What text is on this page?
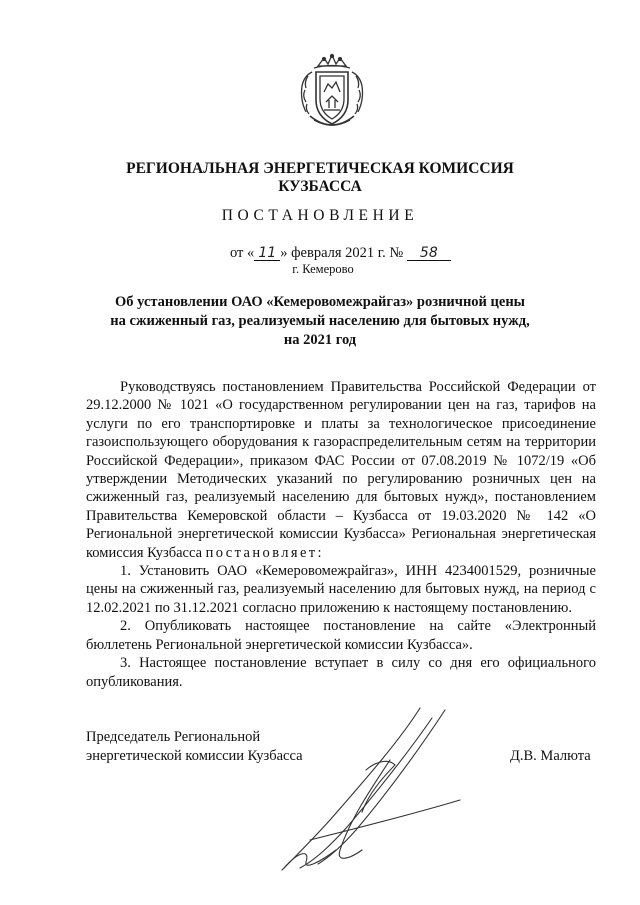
РЕГИОНАЛЬНАЯ ЭНЕРГЕТИЧЕСКАЯ КОМИССИЯ
КУЗБАССА
ПОСТАНОВЛЕНИЕ
от « 11 » февраля 2021 г. № 58
г. Кемерово
Об установлении ОАО «Кемеровомежрайгаз» розничной цены
на сжиженный газ, реализуемый населению для бытовых нужд,
на 2021 год

Руководствуясь постановлением Правительства Российской Федерации от 29.12.2000 № 1021 «О государственном регулировании цен на газ, тарифов на услуги по его транспортировке и платы за технологическое присоединение газоиспользующего оборудования к газораспределительным сетям на территории Российской Федерации», приказом ФАС России от 07.08.2019 № 1072/19 «Об утверждении Методических указаний по регулированию розничных цен на сжиженный газ, реализуемый населению для бытовых нужд», постановлением Правительства Кемеровской области – Кузбасса от 19.03.2020 № 142 «О Региональной энергетической комиссии Кузбасса» Региональная энергетическая комиссия Кузбасса постановляет:

1. Установить ОАО «Кемеровомежрайгаз», ИНН 4234001529, розничные цены на сжиженный газ, реализуемый населению для бытовых нужд, на период с 12.02.2021 по 31.12.2021 согласно приложению к настоящему постановлению.

2. Опубликовать настоящее постановление на сайте «Электронный бюллетень Региональной энергетической комиссии Кузбасса».

3. Настоящее постановление вступает в силу со дня его официального опубликования.

Председатель Региональной
энергетической комиссии Кузбасса	Д.В. Малюта
